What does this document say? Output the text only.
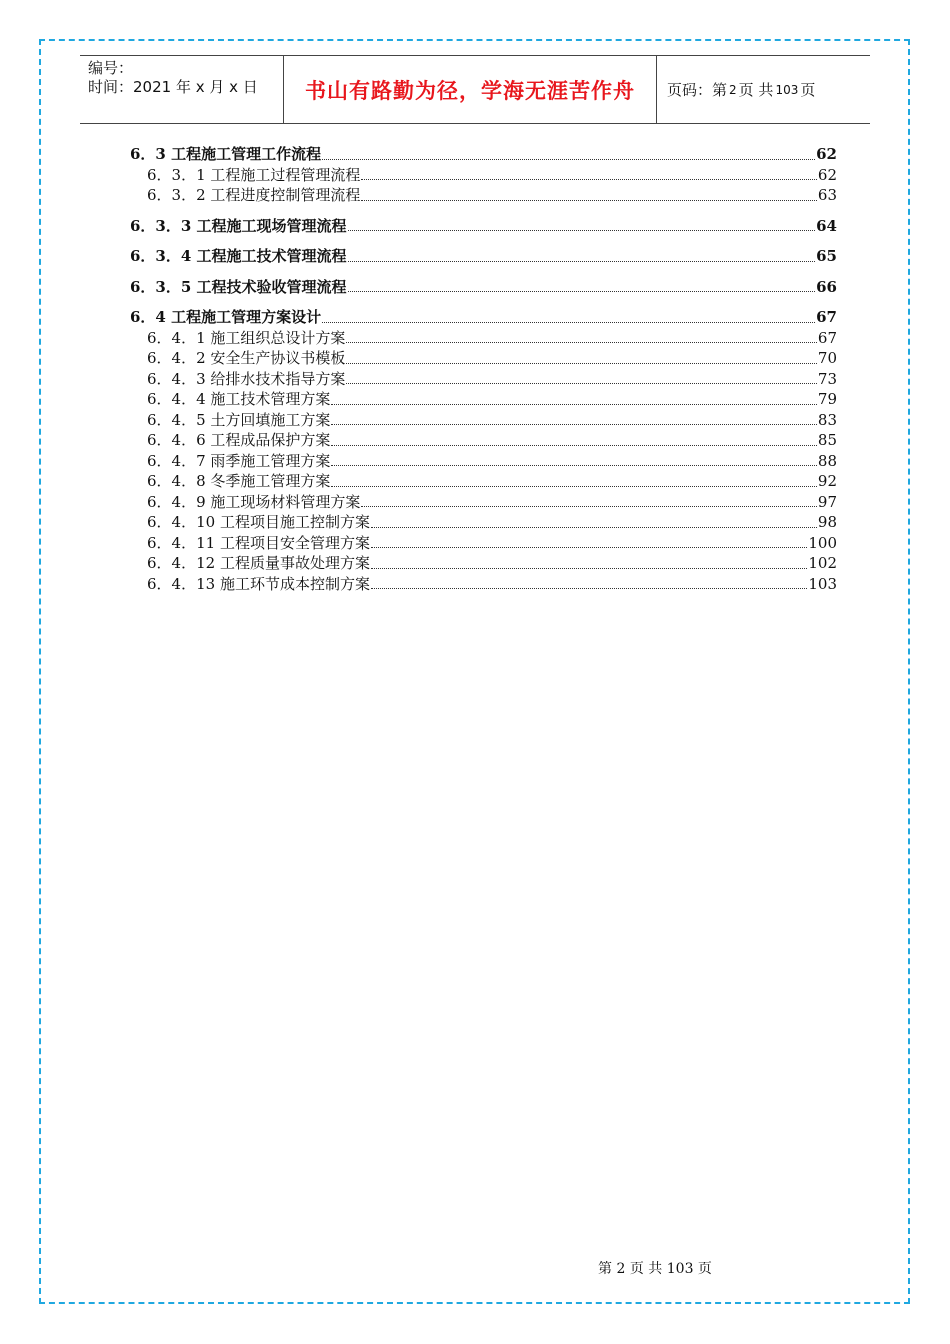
编号：
时间：2021 年 x 月 x 日	书山有路勤为径，学海无涯苦作舟	页码：第 2 页 共 103 页
6．3 工程施工管理工作流程	62
6．3．1 工程施工过程管理流程	62
6．3．2 工程进度控制管理流程	63
6．3．3 工程施工现场管理流程	64
6．3．4 工程施工技术管理流程	65
6．3．5 工程技术验收管理流程	66
6．4 工程施工管理方案设计	67
6．4．1 施工组织总设计方案	67
6．4．2 安全生产协议书模板	70
6．4．3 给排水技术指导方案	73
6．4．4 施工技术管理方案	79
6．4．5 土方回填施工方案	83
6．4．6 工程成品保护方案	85
6．4．7 雨季施工管理方案	88
6．4．8 冬季施工管理方案	92
6．4．9 施工现场材料管理方案	97
6．4．10 工程项目施工控制方案	98
6．4．11 工程项目安全管理方案	100
6．4．12 工程质量事故处理方案	102
6．4．13 施工环节成本控制方案	103
第 2 页 共 103 页
